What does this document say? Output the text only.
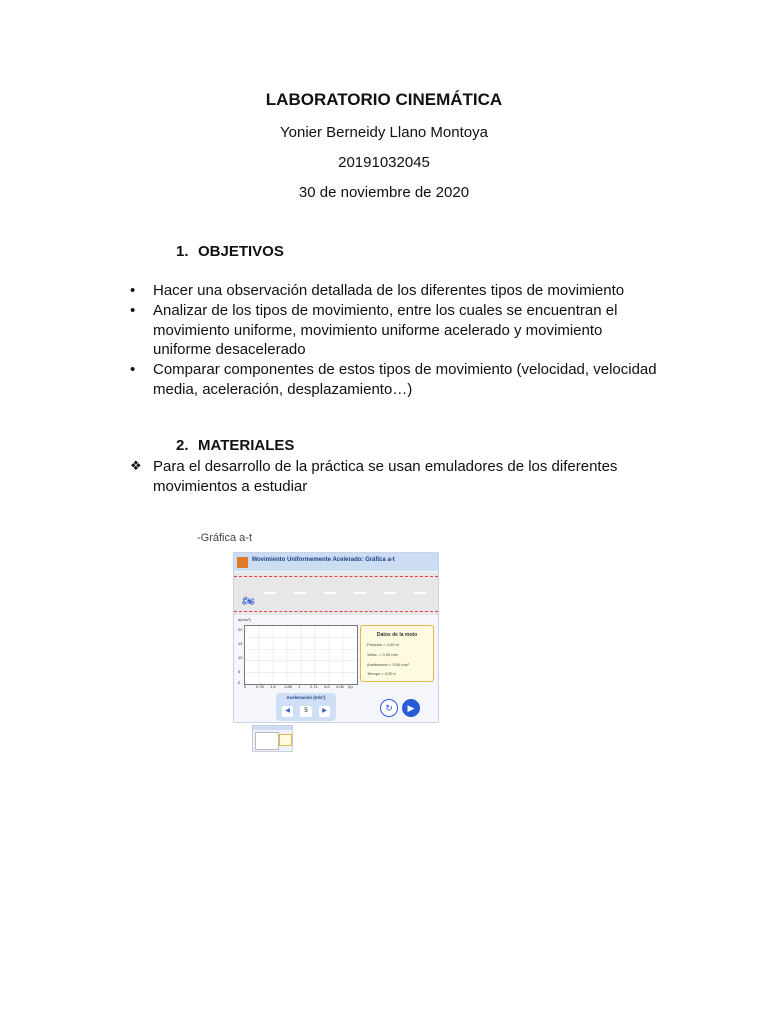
LABORATORIO CINEMÁTICA
Yonier Berneidy Llano Montoya
20191032045
30 de noviembre de 2020
1. OBJETIVOS
• Hacer una observación detallada de los diferentes tipos de movimiento
• Analizar de los tipos de movimiento, entre los cuales se encuentran el
movimiento uniforme, movimiento uniforme acelerado y movimiento
uniforme desacelerado
• Comparar componentes de estos tipos de movimiento (velocidad, velocidad
media, aceleración, desplazamiento…)
2. MATERIALES
❖ Para el desarrollo de la práctica se usan emuladores de los diferentes
movimientos a estudiar
-Gráfica a-t
Movimiento Uniformemente Acelerado: Gráfica a-t
🏍
a(m/s²)
20
15
10
5
0
0 0.76 1.6 1.88 1 2.71 4.6 4.06 (s)
Datos de la moto
Posición = 0,00 m
Veloc. = 0,00 m/s
Aceleración = 5,00 m/s²
Tiempo = 0,00 s
Aceleración (m/s²)
◀	5	▶	↻	▶
